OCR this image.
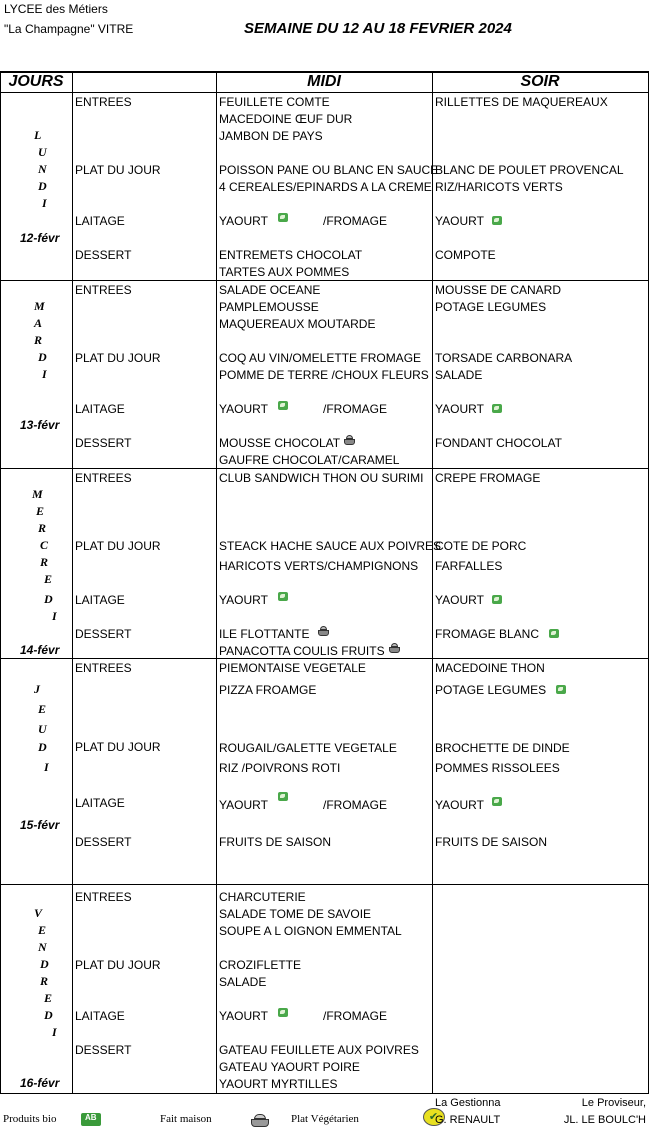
LYCEE des Métiers
"La Champagne" VITRE	SEMAINE DU 12 AU 18 FEVRIER 2024
JOURS	MIDI	SOIR
L
U
N
D
I
12-févr
ENTREES
PLAT DU JOUR
LAITAGE
DESSERT
FEUILLETE COMTE
MACEDOINE ŒUF DUR
JAMBON DE PAYS
POISSON PANE OU BLANC EN SAUCE
4 CEREALES/EPINARDS A LA CREME
YAOURT	/FROMAGE
ENTREMETS CHOCOLAT
TARTES AUX POMMES
RILLETTES DE MAQUEREAUX
BLANC DE POULET PROVENCAL
RIZ/HARICOTS VERTS
YAOURT
COMPOTE
M
A
R
D
I
13-févr
ENTREES
PLAT DU JOUR
LAITAGE
DESSERT
SALADE OCEANE
PAMPLEMOUSSE
MAQUEREAUX MOUTARDE
COQ AU VIN/OMELETTE FROMAGE
POMME DE TERRE /CHOUX FLEURS
YAOURT	/FROMAGE
MOUSSE CHOCOLAT
GAUFRE CHOCOLAT/CARAMEL
MOUSSE DE CANARD
POTAGE LEGUMES
TORSADE CARBONARA
SALADE
YAOURT
FONDANT CHOCOLAT
M
E
R
C
R
E
D
I
14-févr
ENTREES
PLAT DU JOUR
LAITAGE
DESSERT
CLUB SANDWICH THON OU SURIMI
STEACK HACHE SAUCE AUX POIVRES
HARICOTS VERTS/CHAMPIGNONS
YAOURT
ILE FLOTTANTE
PANACOTTA COULIS FRUITS
CREPE FROMAGE
COTE DE PORC
FARFALLES
YAOURT
FROMAGE BLANC
J
E
U
D
I
15-févr
ENTREES
PLAT DU JOUR
LAITAGE
DESSERT
PIEMONTAISE VEGETALE
PIZZA FROAMGE
ROUGAIL/GALETTE VEGETALE
RIZ /POIVRONS ROTI
YAOURT	/FROMAGE
FRUITS DE SAISON
MACEDOINE THON
POTAGE LEGUMES
BROCHETTE DE DINDE
POMMES RISSOLEES
YAOURT
FRUITS DE SAISON
V
E
N
D
R
E
D
I
16-févr
ENTREES
PLAT DU JOUR
LAITAGE
DESSERT
CHARCUTERIE
SALADE TOME DE SAVOIE
SOUPE A L OIGNON EMMENTAL
CROZIFLETTE
SALADE
YAOURT	/FROMAGE
GATEAU FEUILLETE AUX POIVRES
GATEAU YAOURT POIRE
YAOURT MYRTILLES
Produits bio
AB	Fait maison
	Plat Végétarien
✔
La Gestionna
G. RENAULT
Le Proviseur,
JL. LE BOULC'H
